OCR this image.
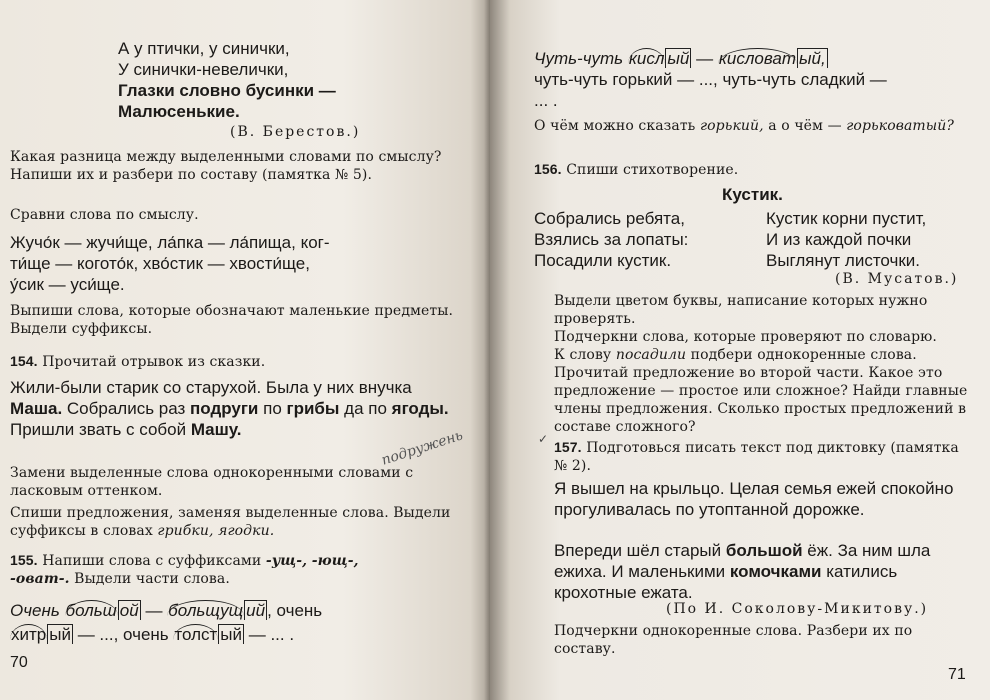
А у птички, у синички,
У синички-невелички,
Глазки словно бусинки —
Малюсенькие.
(В. Берестов.)
Какая разница между выделенными словами по смыслу? Напиши их и разбери по составу (памятка № 5).
Сравни слова по смыслу.
Жучо́к — жучи́ще, ла́пка — ла́пища, ког-
ти́ще — когото́к, хво́стик — хвости́ще,
у́сик — уси́ще.
Выпиши слова, которые обозначают маленькие предметы. Выдели суффиксы.
154. Прочитай отрывок из сказки.
Жили-были старик со старухой. Была у них внучка Маша. Собрались раз подруги по грибы да по ягоды. Пришли звать с собой Машу.	подружень
Замени выделенные слова однокоренными словами с ласковым оттенком.
Спиши предложения, заменяя выделенные слова. Выдели суффиксы в словах грибки, ягодки.
155. Напиши слова с суффиксами -ущ-, -ющ-,
-оват-. Выдели части слова.
Очень больш ой — больщущ ий , очень
хитр ый — ..., очень толст ый — ... .
70
Чуть-чуть кисл ый — кисловат ый,
чуть-чуть горький — ..., чуть-чуть сладкий —
... .
О чём можно сказать горький, а о чём — горьковатый?
156. Спиши стихотворение.
Кустик.
Собрались ребята,
Взялись за лопаты:
Посадили кустик.
Кустик корни пустит,
И из каждой почки
Выглянут листочки.
(В. Мусатов.)
Выдели цветом буквы, написание которых нужно проверять.
Подчеркни слова, которые проверяют по словарю.
К слову посадили подбери однокоренные слова.
Прочитай предложение во второй части. Какое это предложение — простое или сложное? Найди главные члены предложения. Сколько простых предложений в составе сложного?
✓ 157. Подготовься писать текст под диктовку (памятка № 2).
Я вышел на крыльцо. Целая семья ежей спокойно прогуливалась по утоптанной дорожке.
Впереди шёл старый большой ёж. За ним шла ежиха. И маленькими комочками катились крохотные ежата.
(По И. Соколову-Микитову.)
Подчеркни однокоренные слова. Разбери их по составу.
71
